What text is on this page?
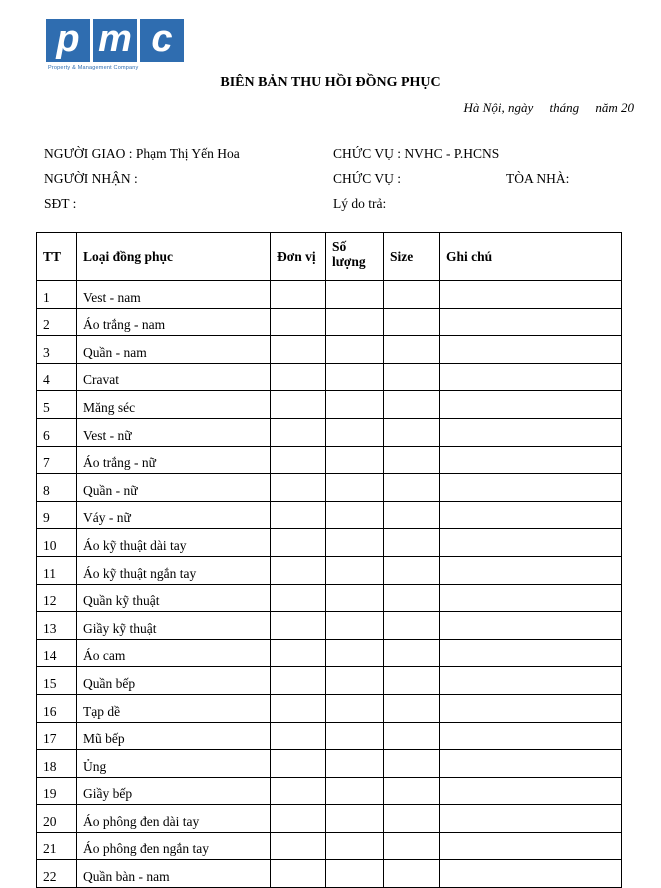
p m c
Property & Management Company
BIÊN BẢN THU HỒI ĐỒNG PHỤC
Hà Nội, ngày     tháng     năm 20
NGƯỜI GIAO : Phạm Thị Yến Hoa	CHỨC VỤ : NVHC - P.HCNS
NGƯỜI NHẬN :	CHỨC VỤ :	TÒA NHÀ:
SĐT :	Lý do trả:
TT	Loại đồng phục	Đơn vị	Số lượng	Size	Ghi chú
1	Vest - nam				
2	Áo trắng - nam				
3	Quần - nam				
4	Cravat				
5	Măng séc				
6	Vest - nữ				
7	Áo trắng - nữ				
8	Quần - nữ				
9	Váy - nữ				
10	Áo kỹ thuật dài tay				
11	Áo kỹ thuật ngắn tay				
12	Quần kỹ thuật				
13	Giầy kỹ thuật				
14	Áo cam				
15	Quần bếp				
16	Tạp dề				
17	Mũ bếp				
18	Ủng				
19	Giầy bếp				
20	Áo phông đen dài tay				
21	Áo phông đen ngắn tay				
22	Quần bàn - nam				
